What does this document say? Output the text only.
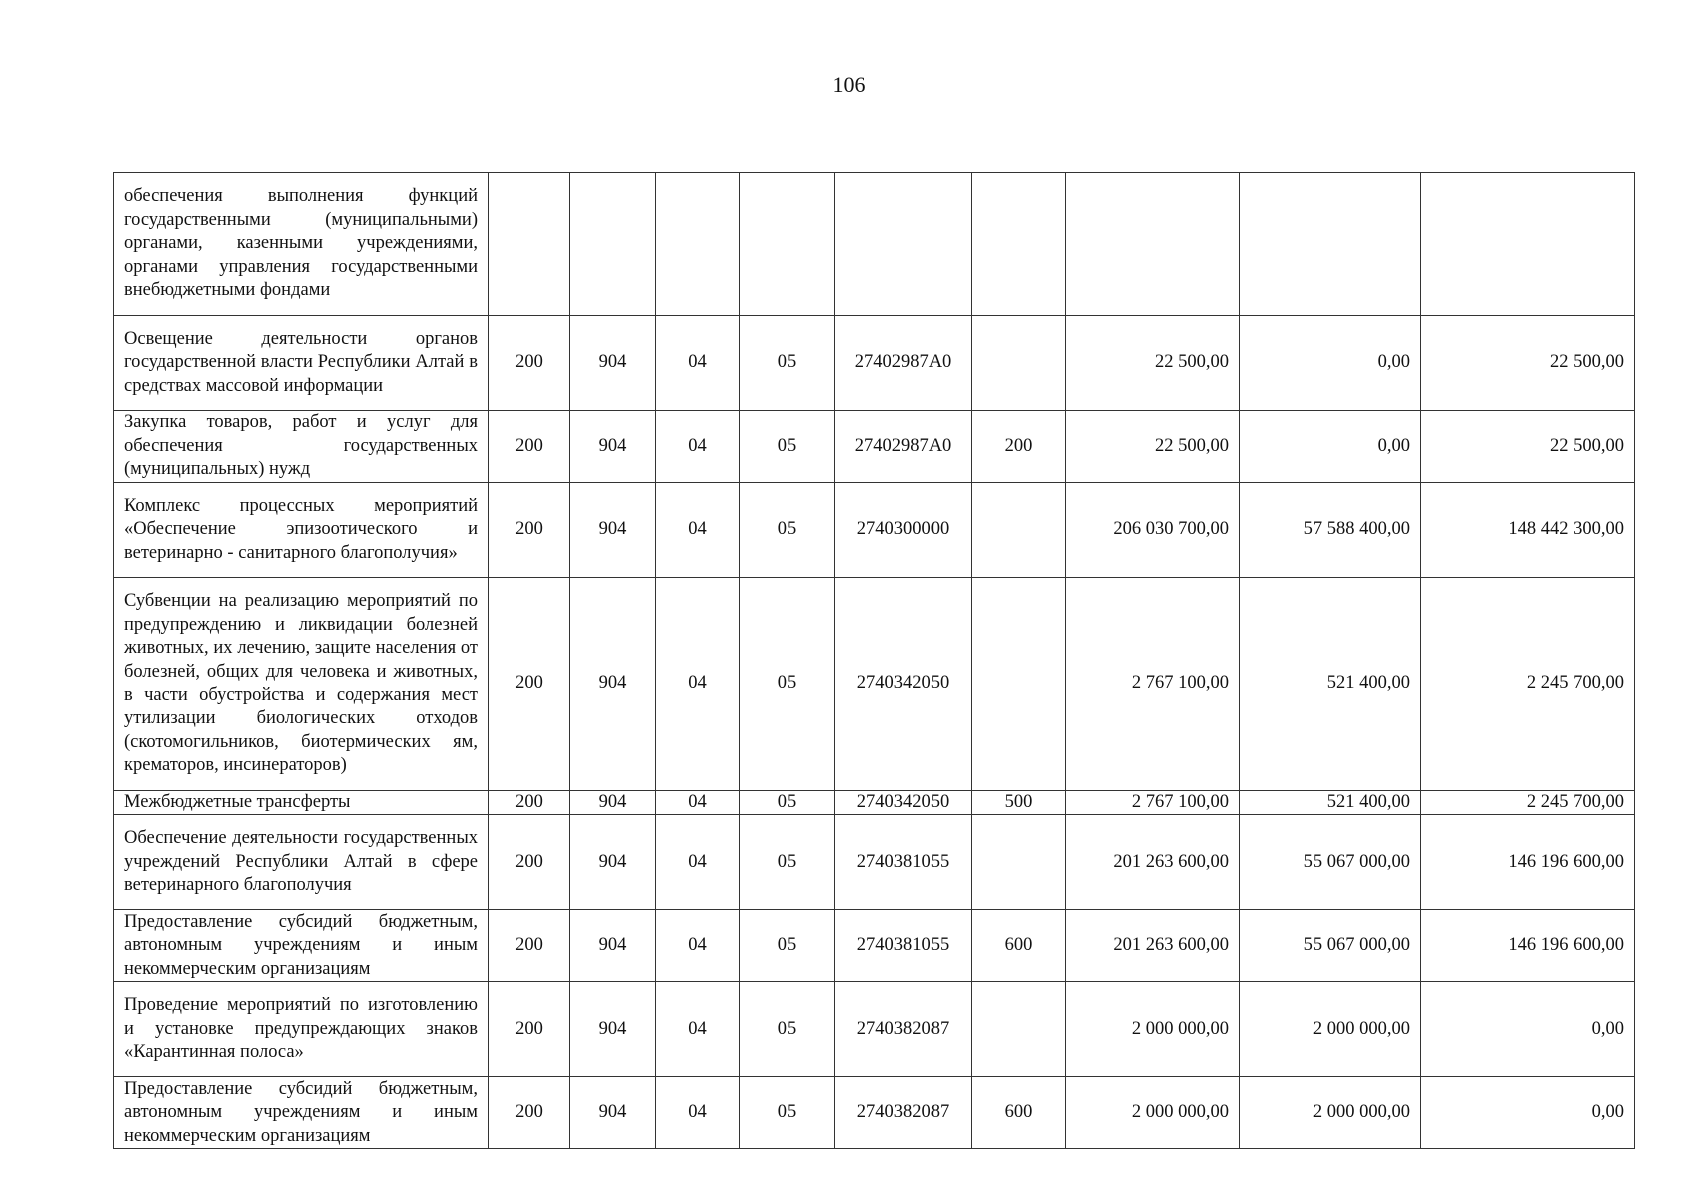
106
обеспечения выполнения функций государственными (муниципальными) органами, казенными учреждениями, органами управления государственными внебюджетными фондами									
Освещение деятельности органов государственной власти Республики Алтай в средствах массовой информации	200	904	04	05	27402987А0		22 500,00	0,00	22 500,00
Закупка товаров, работ и услуг для обеспечения государственных (муниципальных) нужд	200	904	04	05	27402987А0	200	22 500,00	0,00	22 500,00
Комплекс процессных мероприятий «Обеспечение эпизоотического и ветеринарно - санитарного благополучия»	200	904	04	05	2740300000		206 030 700,00	57 588 400,00	148 442 300,00
Субвенции на реализацию мероприятий по предупреждению и ликвидации болезней животных, их лечению, защите населения от болезней, общих для человека и животных, в части обустройства и содержания мест утилизации биологических отходов (скотомогильников, биотермических ям, крематоров, инсинераторов)	200	904	04	05	2740342050		2 767 100,00	521 400,00	2 245 700,00
Межбюджетные трансферты	200	904	04	05	2740342050	500	2 767 100,00	521 400,00	2 245 700,00
Обеспечение деятельности государственных учреждений Республики Алтай в сфере ветеринарного благополучия	200	904	04	05	2740381055		201 263 600,00	55 067 000,00	146 196 600,00
Предоставление субсидий бюджетным, автономным учреждениям и иным некоммерческим организациям	200	904	04	05	2740381055	600	201 263 600,00	55 067 000,00	146 196 600,00
Проведение мероприятий по изготовлению и установке предупреждающих знаков «Карантинная полоса»	200	904	04	05	2740382087		2 000 000,00	2 000 000,00	0,00
Предоставление субсидий бюджетным, автономным учреждениям и иным некоммерческим организациям	200	904	04	05	2740382087	600	2 000 000,00	2 000 000,00	0,00
